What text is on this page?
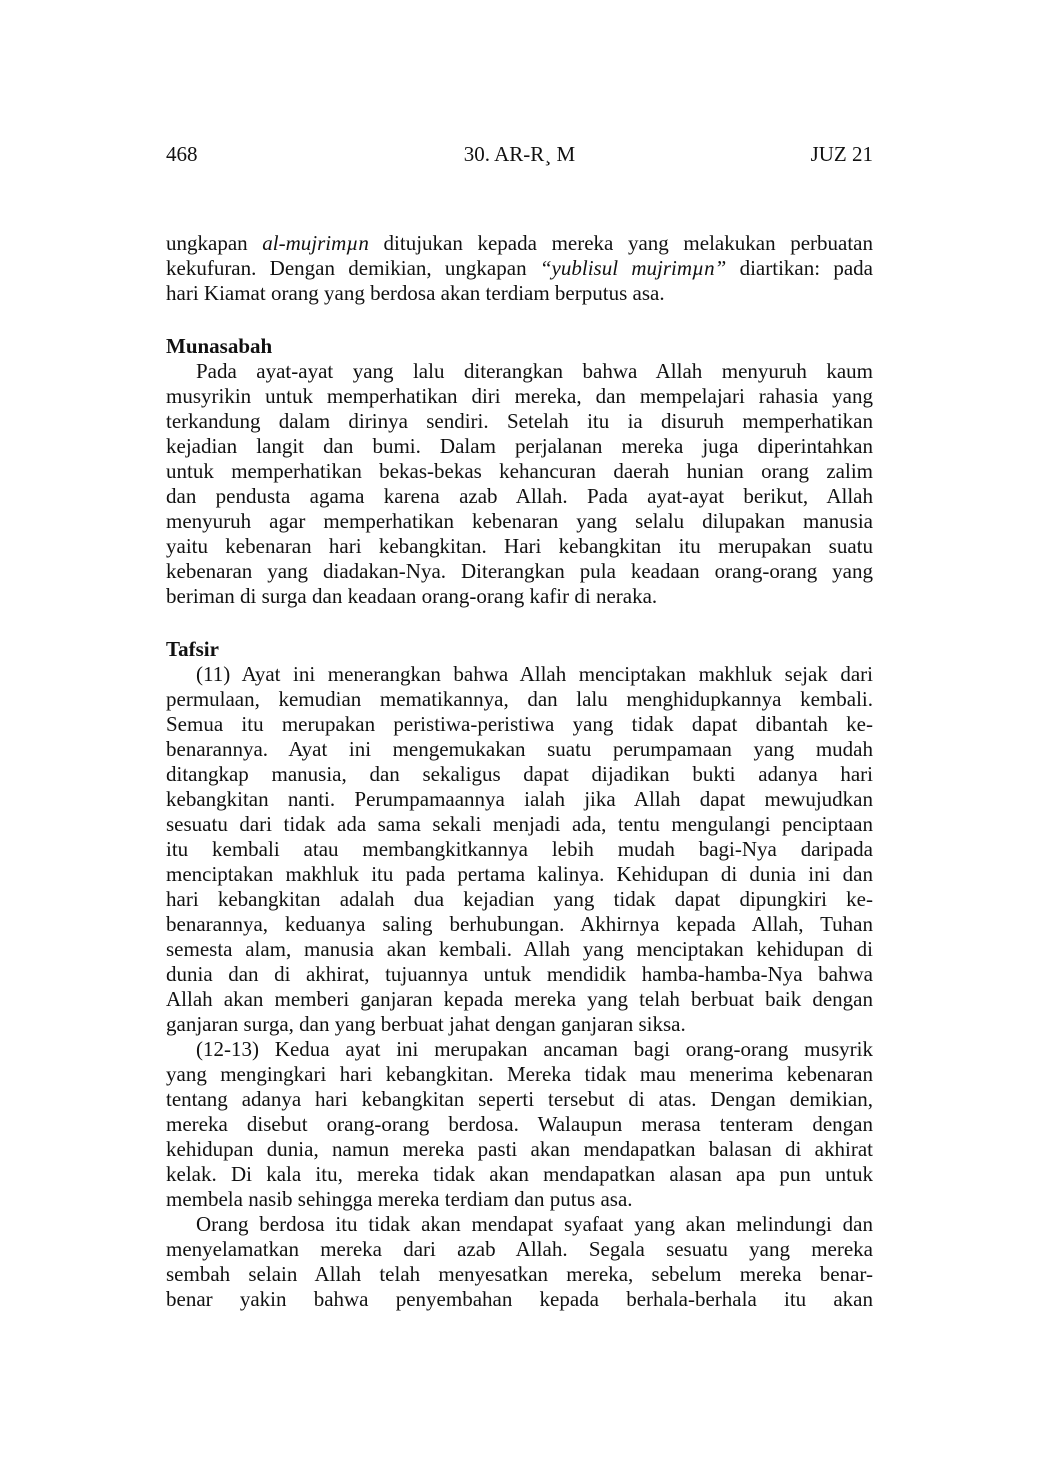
468	30. AR-R¸ M	JUZ 21
ungkapan al-mujrimµn ditujukan kepada mereka yang melakukan perbuatan
kekufuran. Dengan demikian, ungkapan “yublisul mujrimµn” diartikan: pada
hari Kiamat orang yang berdosa akan terdiam berputus asa.
Munasabah
Pada ayat-ayat yang lalu diterangkan bahwa Allah menyuruh kaum
musyrikin untuk memperhatikan diri mereka, dan mempelajari rahasia yang
terkandung dalam dirinya sendiri. Setelah itu ia disuruh memperhatikan
kejadian langit dan bumi. Dalam perjalanan mereka juga diperintahkan
untuk memperhatikan bekas-bekas kehancuran daerah hunian orang zalim
dan pendusta agama karena azab Allah. Pada ayat-ayat berikut, Allah
menyuruh agar memperhatikan kebenaran yang selalu dilupakan manusia
yaitu kebenaran hari kebangkitan. Hari kebangkitan itu merupakan suatu
kebenaran yang diadakan-Nya. Diterangkan pula keadaan orang-orang yang
beriman di surga dan keadaan orang-orang kafir di neraka.
Tafsir
(11) Ayat ini menerangkan bahwa Allah menciptakan makhluk sejak dari
permulaan, kemudian mematikannya, dan lalu menghidupkannya kembali.
Semua itu merupakan peristiwa-peristiwa yang tidak dapat dibantah ke-
benarannya. Ayat ini mengemukakan suatu perumpamaan yang mudah
ditangkap manusia, dan sekaligus dapat dijadikan bukti adanya hari
kebangkitan nanti. Perumpamaannya ialah jika Allah dapat mewujudkan
sesuatu dari tidak ada sama sekali menjadi ada, tentu mengulangi penciptaan
itu kembali atau membangkitkannya lebih mudah bagi-Nya daripada
menciptakan makhluk itu pada pertama kalinya. Kehidupan di dunia ini dan
hari kebangkitan adalah dua kejadian yang tidak dapat dipungkiri ke-
benarannya, keduanya saling berhubungan. Akhirnya kepada Allah, Tuhan
semesta alam, manusia akan kembali. Allah yang menciptakan kehidupan di
dunia dan di akhirat, tujuannya untuk mendidik hamba-hamba-Nya bahwa
Allah akan memberi ganjaran kepada mereka yang telah berbuat baik dengan
ganjaran surga, dan yang berbuat jahat dengan ganjaran siksa.
(12-13) Kedua ayat ini merupakan ancaman bagi orang-orang musyrik
yang mengingkari hari kebangkitan. Mereka tidak mau menerima kebenaran
tentang adanya hari kebangkitan seperti tersebut di atas. Dengan demikian,
mereka disebut orang-orang berdosa. Walaupun merasa tenteram dengan
kehidupan dunia, namun mereka pasti akan mendapatkan balasan di akhirat
kelak. Di kala itu, mereka tidak akan mendapatkan alasan apa pun untuk
membela nasib sehingga mereka terdiam dan putus asa.
Orang berdosa itu tidak akan mendapat syafaat yang akan melindungi dan
menyelamatkan mereka dari azab Allah. Segala sesuatu yang mereka
sembah selain Allah telah menyesatkan mereka, sebelum mereka benar-
benar yakin bahwa penyembahan kepada berhala-berhala itu akan
